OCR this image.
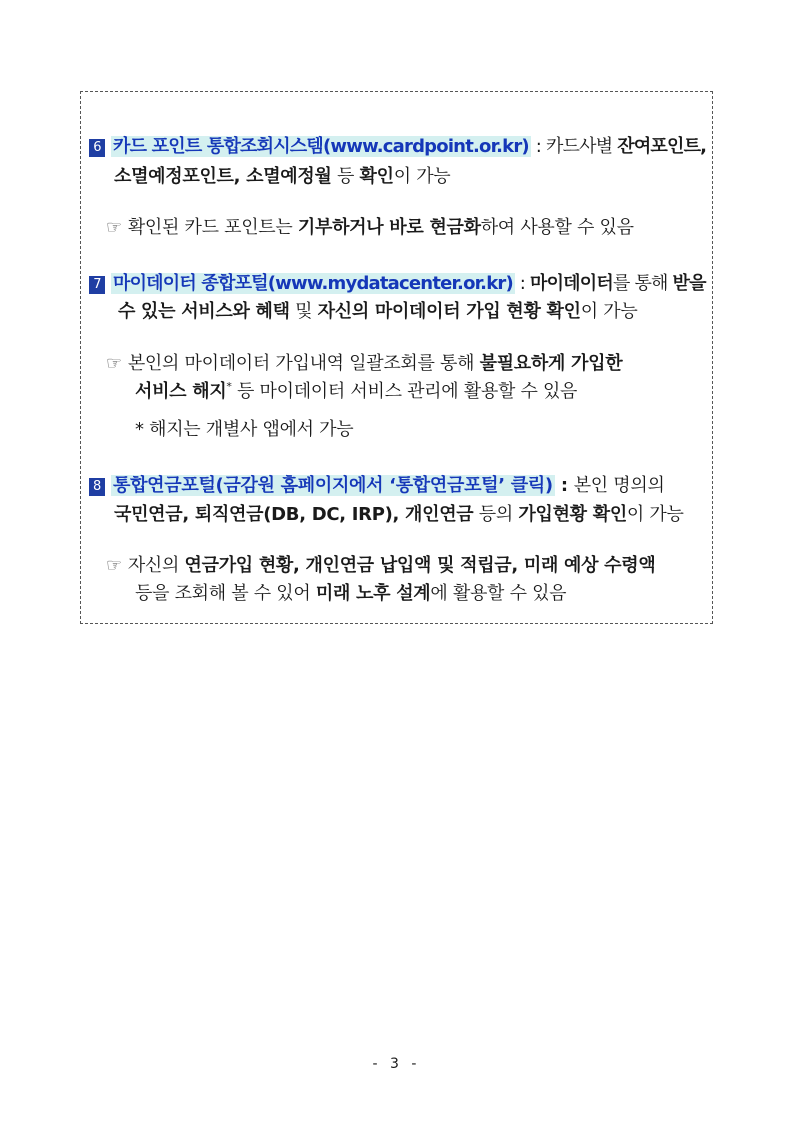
6 카드 포인트 통합조회시스템(www.cardpoint.or.kr) : 카드사별 잔여포인트,
소멸예정포인트, 소멸예정월 등 확인이 가능
☞ 확인된 카드 포인트는 기부하거나 바로 현금화하여 사용할 수 있음
7 마이데이터 종합포털(www.mydatacenter.or.kr) : 마이데이터를 통해 받을
수 있는 서비스와 혜택 및 자신의 마이데이터 가입 현황 확인이 가능
☞ 본인의 마이데이터 가입내역 일괄조회를 통해 불필요하게 가입한
서비스 해지* 등 마이데이터 서비스 관리에 활용할 수 있음
* 해지는 개별사 앱에서 가능
8 통합연금포털(금감원 홈페이지에서 ‘통합연금포털’ 클릭) : 본인 명의의
국민연금, 퇴직연금(DB, DC, IRP), 개인연금 등의 가입현황 확인이 가능
☞ 자신의 연금가입 현황, 개인연금 납입액 및 적립금, 미래 예상 수령액
등을 조회해 볼 수 있어 미래 노후 설계에 활용할 수 있음
- 3 -
